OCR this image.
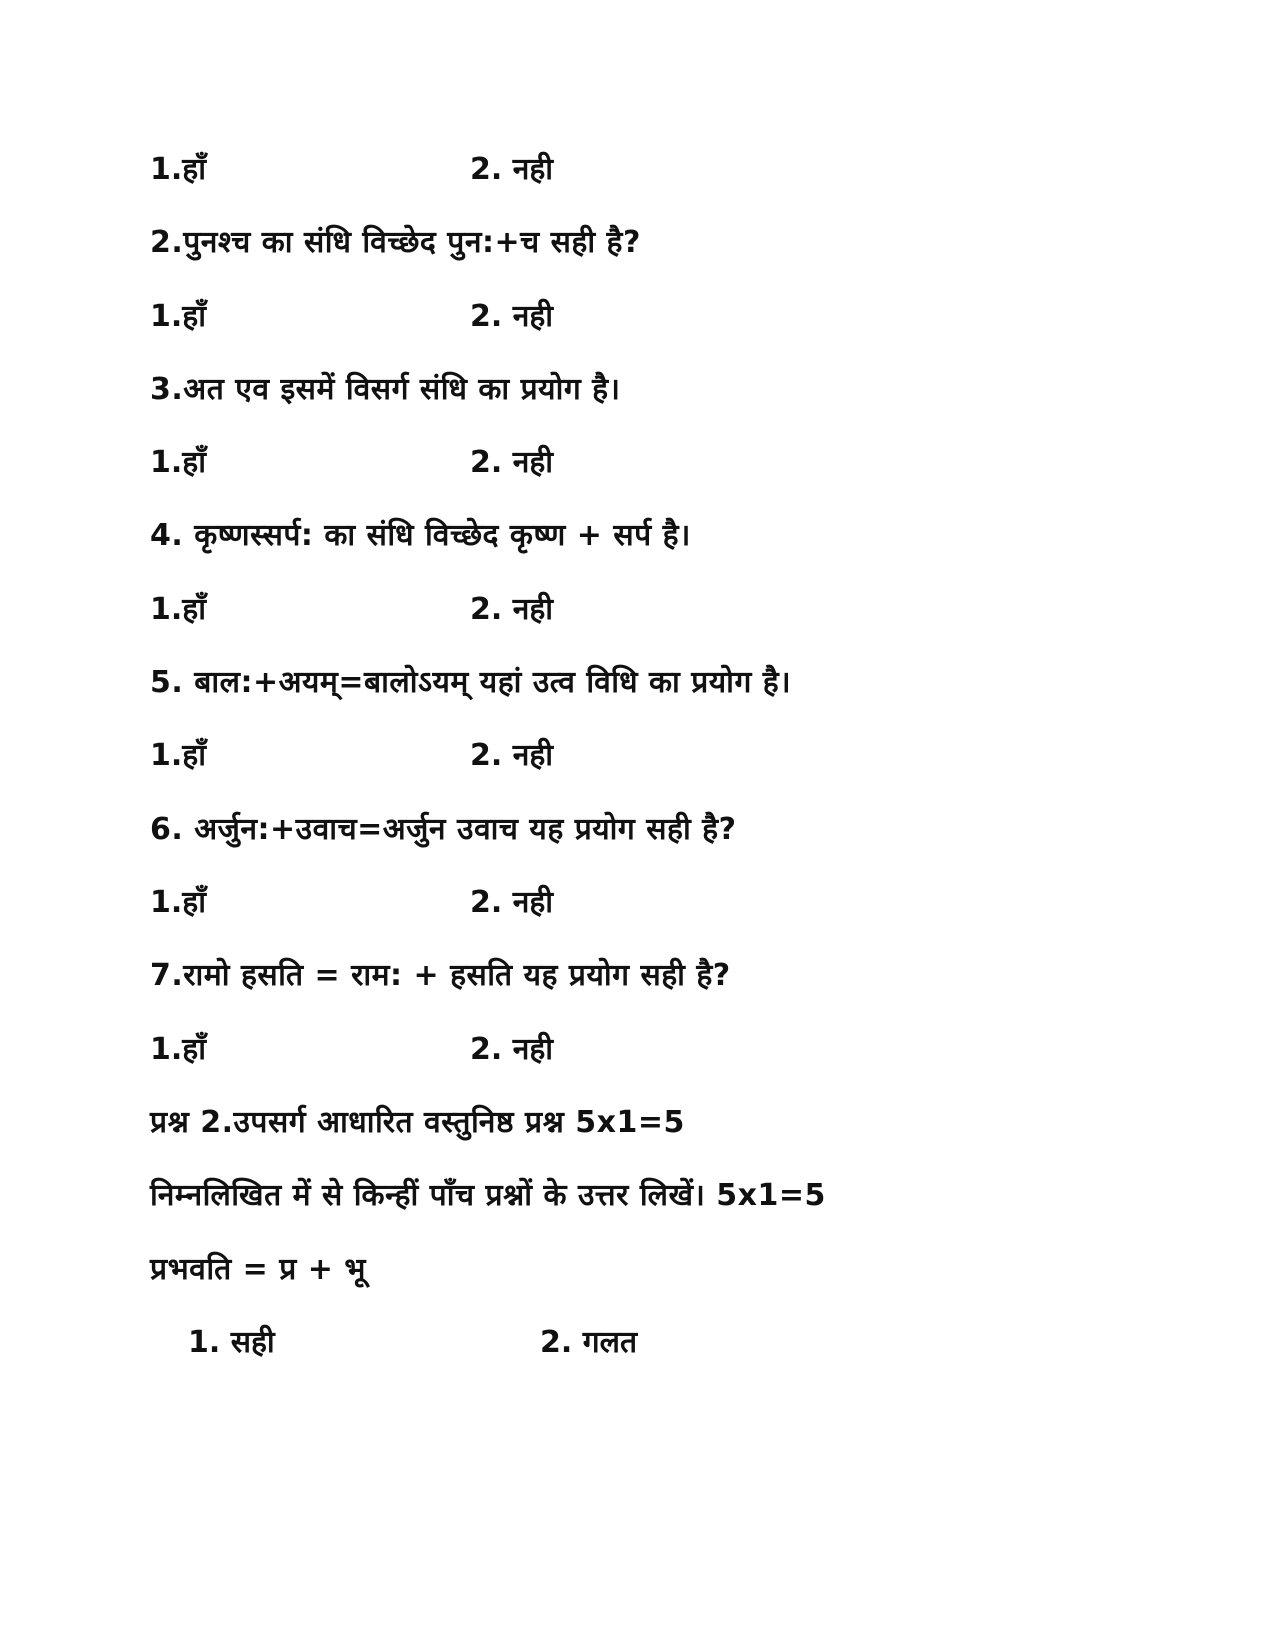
1.हाँ	2. नही
2.पुनश्च का संधि विच्छेद पुन:+च सही है?
1.हाँ	2. नही
3.अत एव इसमें विसर्ग संधि का प्रयोग है।
1.हाँ	2. नही
4. कृष्णस्सर्प: का संधि विच्छेद कृष्ण + सर्प है।
1.हाँ	2. नही
5. बाल:+अयम्=बालोऽयम् यहां उत्व विधि का प्रयोग है।
1.हाँ	2. नही
6. अर्जुन:+उवाच=अर्जुन उवाच यह प्रयोग सही है?
1.हाँ	2. नही
7.रामो हसति = राम: + हसति यह प्रयोग सही है?
1.हाँ	2. नही
प्रश्न 2.उपसर्ग आधारित वस्तुनिष्ठ प्रश्न 5x1=5
निम्नलिखित में से किन्हीं पाँच प्रश्नों के उत्तर लिखें। 5x1=5
प्रभवति = प्र + भू
1. सही	2. गलत
